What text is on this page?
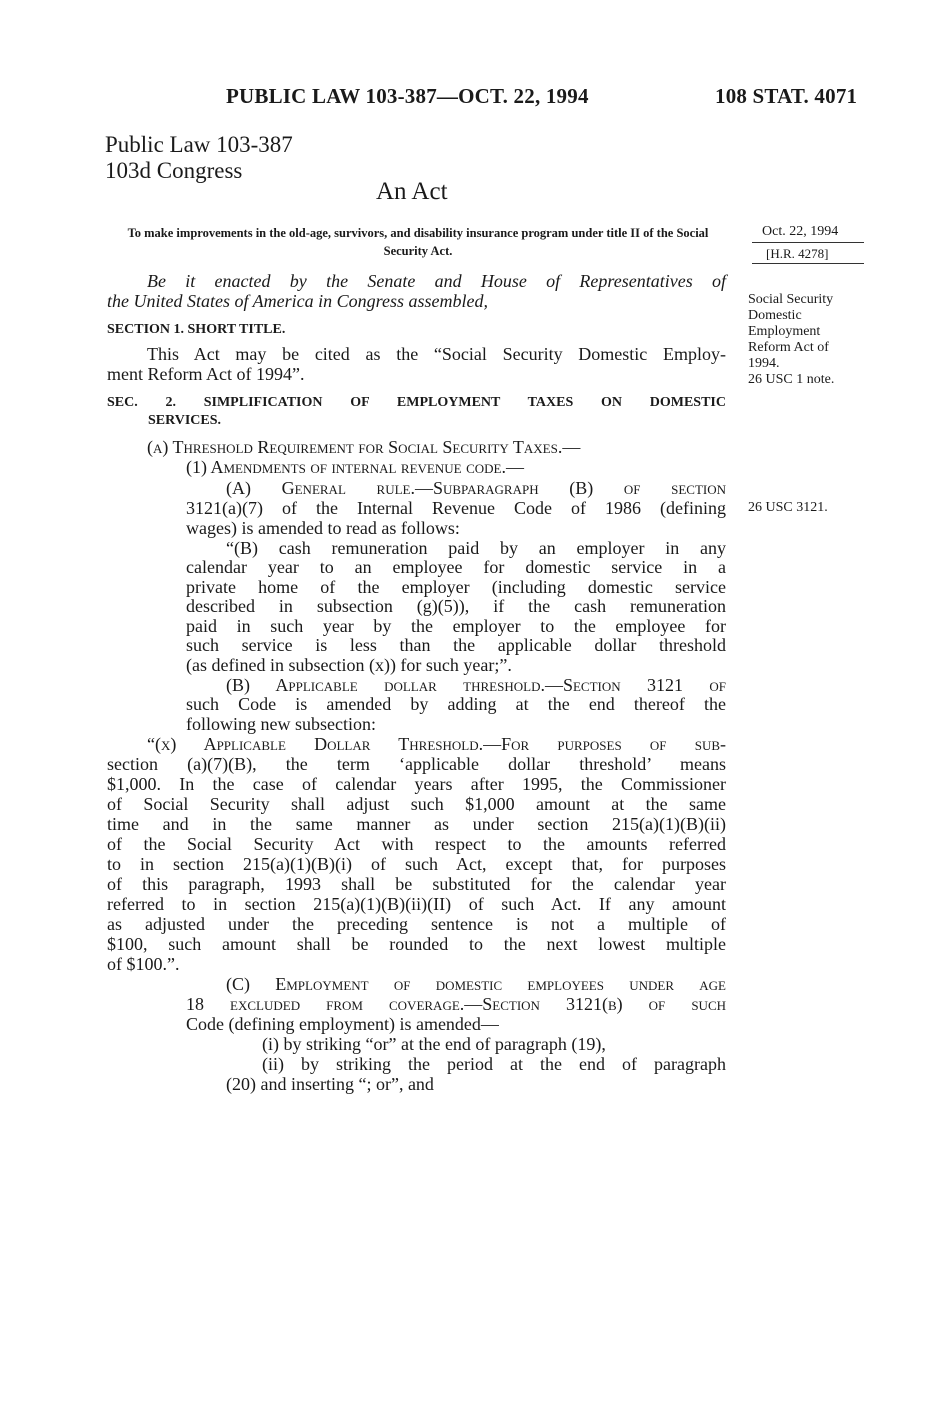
PUBLIC LAW 103-387—OCT. 22, 1994	108 STAT. 4071
Public Law 103-387
103d Congress
An Act
To make improvements in the old-age, survivors, and disability insurance program under title II of the Social Security Act.
Oct. 22, 1994
[H.R. 4278]
Social Security
Domestic
Employment
Reform Act of
1994.
26 USC 1 note.
26 USC 3121.
Be it enacted by the Senate and House of Representatives of
the United States of America in Congress assembled,
SECTION 1. SHORT TITLE.
This Act may be cited as the “Social Security Domestic Employ-
ment Reform Act of 1994”.
SEC. 2. SIMPLIFICATION OF EMPLOYMENT TAXES ON DOMESTIC
SERVICES.
(a) Threshold Requirement for Social Security Taxes.—
(1) Amendments of internal revenue code.—
(A) General rule.—Subparagraph (B) of section
3121(a)(7) of the Internal Revenue Code of 1986 (defining
wages) is amended to read as follows:
“(B) cash remuneration paid by an employer in any
calendar year to an employee for domestic service in a
private home of the employer (including domestic service
described in subsection (g)(5)), if the cash remuneration
paid in such year by the employer to the employee for
such service is less than the applicable dollar threshold
(as defined in subsection (x)) for such year;”.
(B) Applicable dollar threshold.—Section 3121 of
such Code is amended by adding at the end thereof the
following new subsection:
“(x) Applicable Dollar Threshold.—For purposes of sub-
section (a)(7)(B), the term ‘applicable dollar threshold’ means
$1,000. In the case of calendar years after 1995, the Commissioner
of Social Security shall adjust such $1,000 amount at the same
time and in the same manner as under section 215(a)(1)(B)(ii)
of the Social Security Act with respect to the amounts referred
to in section 215(a)(1)(B)(i) of such Act, except that, for purposes
of this paragraph, 1993 shall be substituted for the calendar year
referred to in section 215(a)(1)(B)(ii)(II) of such Act. If any amount
as adjusted under the preceding sentence is not a multiple of
$100, such amount shall be rounded to the next lowest multiple
of $100.”.
(C) Employment of domestic employees under age
18 excluded from coverage.—Section 3121(b) of such
Code (defining employment) is amended—
(i) by striking “or” at the end of paragraph (19),
(ii) by striking the period at the end of paragraph
(20) and inserting “; or”, and
